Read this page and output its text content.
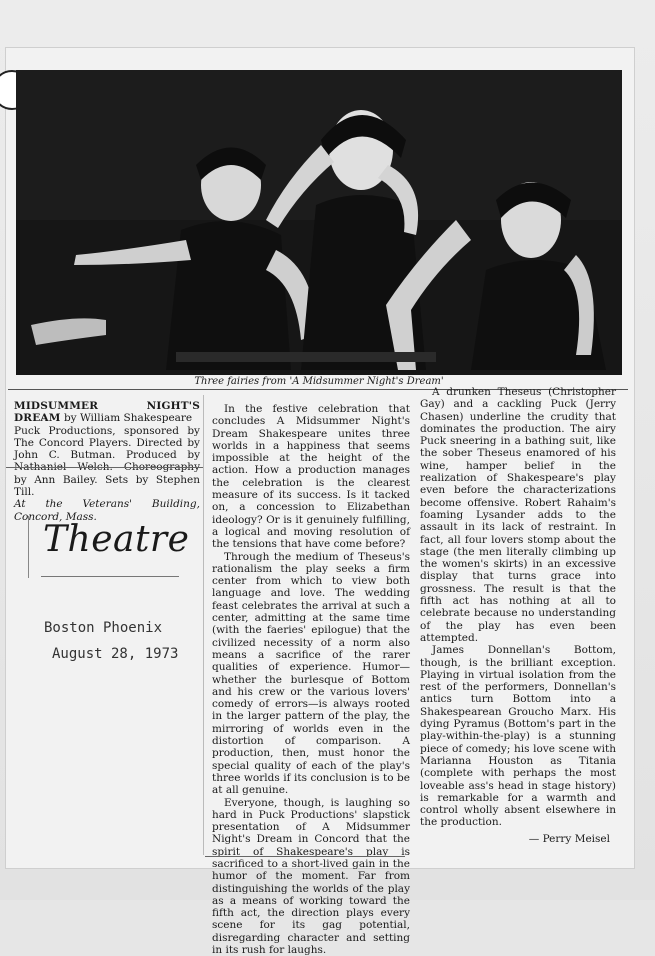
Three fairies from 'A Midsummer Night's Dream'

MIDSUMMER NIGHT'S DREAM by William Shakespeare

Puck Productions, sponsored by The Concord Players. Directed by John C. Butman. Produced by Nathaniel Welch. Choreography by Ann Bailey. Sets by Stephen Till.

At the Veterans' Building, Concord, Mass.

Theatre
Boston Phoenix
August 28, 1973

In the festive celebration that concludes A Midsummer Night's Dream Shakespeare unites three worlds in a happiness that seems impossible at the height of the action. How a production manages the celebration is the clearest measure of its success. Is it tacked on, a concession to Elizabethan ideology? Or is it genuinely fulfilling, a logical and moving resolution of the tensions that have come before?

Through the medium of Theseus's rationalism the play seeks a firm center from which to view both language and love. The wedding feast celebrates the arrival at such a center, admitting at the same time (with the faeries' epilogue) that the civilized necessity of a norm also means a sacrifice of the rarer qualities of experience. Humor—whether the burlesque of Bottom and his crew or the various lovers' comedy of errors—is always rooted in the larger pattern of the play, the mirroring of worlds even in the distortion of comparison. A production, then, must honor the special quality of each of the play's three worlds if its conclusion is to be at all genuine.

Everyone, though, is laughing so hard in Puck Productions' slapstick presentation of A Midsummer Night's Dream in Concord that the spirit of Shakespeare's play is sacrificed to a short-lived gain in the humor of the moment. Far from distinguishing the worlds of the play as a means of working toward the fifth act, the direction plays every scene for its gag potential, disregarding character and setting in its rush for laughs.

A drunken Theseus (Christopher Gay) and a cackling Puck (Jerry Chasen) underline the crudity that dominates the production. The airy Puck sneering in a bathing suit, like the sober Theseus enamored of his wine, hamper belief in the realization of Shakespeare's play even before the characterizations become offensive. Robert Rahaim's foaming Lysander adds to the assault in its lack of restraint. In fact, all four lovers stomp about the stage (the men literally climbing up the women's skirts) in an excessive display that turns grace into grossness. The result is that the fifth act has nothing at all to celebrate because no understanding of the play has even been attempted.

James Donnellan's Bottom, though, is the brilliant exception. Playing in virtual isolation from the rest of the performers, Donnellan's antics turn Bottom into a Shakespearean Groucho Marx. His dying Pyramus (Bottom's part in the play-within-the-play) is a stunning piece of comedy; his love scene with Marianna Houston as Titania (complete with perhaps the most loveable ass's head in stage history) is remarkable for a warmth and control wholly absent elsewhere in the production.

— Perry Meisel
